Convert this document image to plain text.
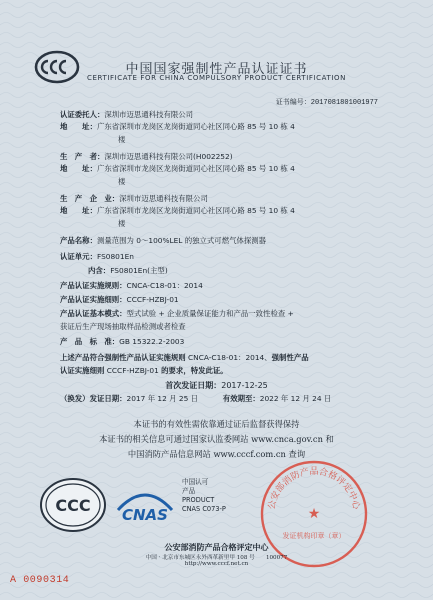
中国国家强制性产品认证证书
CERTIFICATE FOR CHINA COMPULSORY PRODUCT CERTIFICATION
证书编号：2017081801001977
认证委托人：深圳市迈思通科技有限公司
地　　址：广东省深圳市龙岗区龙岗街道同心社区同心路 85 号 10 栋 4
楼
生　产　者：深圳市迈思通科技有限公司(H002252)
地　　址：广东省深圳市龙岗区龙岗街道同心社区同心路 85 号 10 栋 4
楼
生　产　企　业：深圳市迈思通科技有限公司
地　　址：广东省深圳市龙岗区龙岗街道同心社区同心路 85 号 10 栋 4
楼
产品名称：测量范围为 0～100%LEL 的独立式可燃气体探测器
认证单元：FS0801En
内含：FS0801En(主型)
产品认证实施规则：CNCA-C18-01：2014
产品认证实施细则：CCCF-HZBJ-01
产品认证基本模式：型式试验 + 企业质量保证能力和产品一致性检查 +
获证后生产现场抽取样品检测或者检查
产　品　标　准：GB 15322.2-2003
上述产品符合强制性产品认证实施规则 CNCA-C18-01：2014、强制性产品
认证实施细则 CCCF-HZBJ-01 的要求，特发此证。
首次发证日期：2017-12-25
（换发）发证日期：2017 年 12 月 25 日	有效期至：2022 年 12 月 24 日
本证书的有效性需依靠通过证后监督获得保持
本证书的相关信息可通过国家认监委网站 www.cnca.gov.cn 和
中国消防产品信息网站 www.cccf.com.cn 查询
CCC CNAS
中国认可
产品
PRODUCT
CNAS C073-P	公安部消防产品合格评定中心
★
发证机构印章（章）
公安部消防产品合格评定中心
中国 · 北京市东城区永外西革新里甲 108 号　　100077
http://www.cccf.net.cn
A 0090314
